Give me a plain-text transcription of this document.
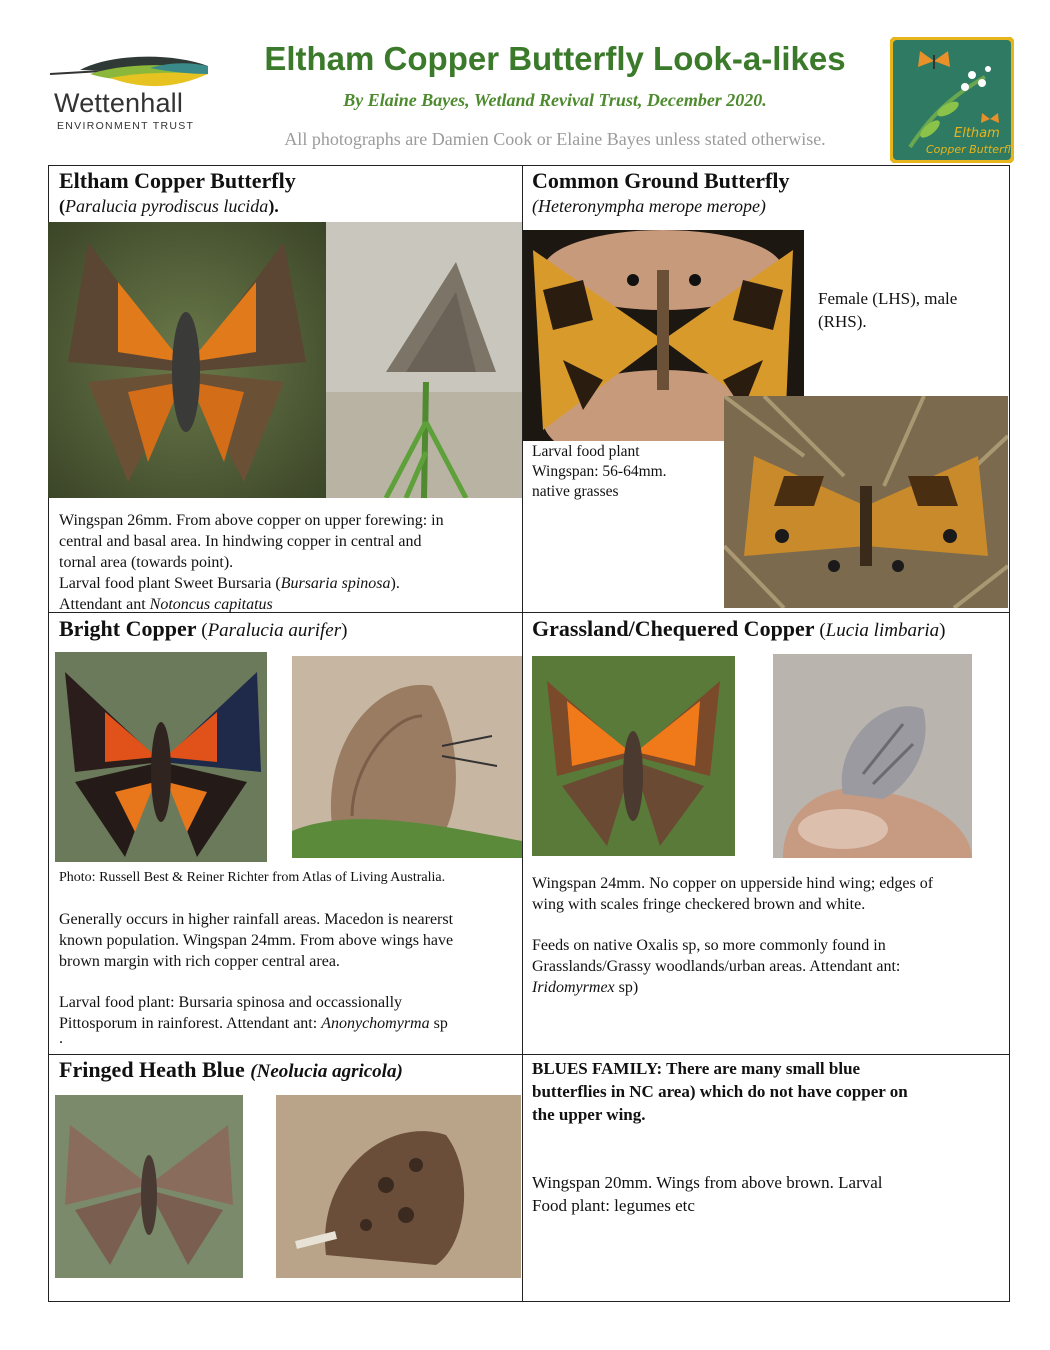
Wettenhall
ENVIRONMENT TRUST
Eltham Copper Butterfly Look-a-likes
By Elaine Bayes, Wetland Revival Trust, December 2020.
All photographs are Damien Cook or Elaine Bayes unless stated otherwise.	Eltham
Copper Butterfly
Eltham Copper Butterfly
(Paralucia pyrodiscus lucida).

Wingspan 26mm. From above copper on upper forewing: in

central and basal area. In hindwing copper in central and

tornal area (towards point).

Larval food plant Sweet Bursaria (Bursaria spinosa).

Attendant ant Notoncus capitatus

Common Ground Butterfly
(Heteronympha merope merope)

Female (LHS), male

(RHS).

Larval food plant

Wingspan: 56-64mm.

native grasses

Bright Copper (Paralucia aurifer)
Photo: Russell Best & Reiner Richter from Atlas of Living Australia.

Generally occurs in higher rainfall areas. Macedon is nearerst

known population. Wingspan 24mm. From above wings have

brown margin with rich copper central area.

Larval food plant: Bursaria spinosa and occassionally

Pittosporum in rainforest. Attendant ant: Anonychomyrma sp

.

Grassland/Chequered Copper (Lucia limbaria)

Wingspan 24mm. No copper on upperside hind wing; edges of

wing with scales fringe checkered brown and white.

Feeds on native Oxalis sp, so more commonly found in

Grasslands/Grassy woodlands/urban areas. Attendant ant:

Iridomyrmex sp)

Fringed Heath Blue (Neolucia agricola)	BLUES FAMILY: There are many small blue

butterflies in NC area) which do not have copper on

the upper wing.

Wingspan 20mm. Wings from above brown. Larval

Food plant: legumes etc
